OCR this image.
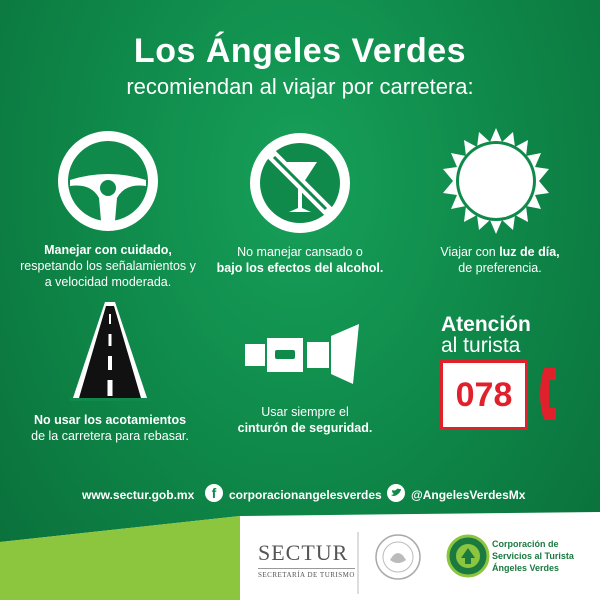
Los Ángeles Verdes
recomiendan al viajar por carretera:
Manejar con cuidado,
respetando los señalamientos y a velocidad moderada.
No manejar cansado o
bajo los efectos del alcohol.
Viajar con luz de día,
de preferencia.
No usar los acotamientos
de la carretera para rebasar.
Usar siempre el
cinturón de seguridad.
Atención
al turista
078
www.sectur.gob.mx	corporacionangelesverdes @AngelesVerdesMx
f
SECTUR
SECRETARÍA DE TURISMO
Corporación de
Servicios al Turista
Ángeles Verdes
